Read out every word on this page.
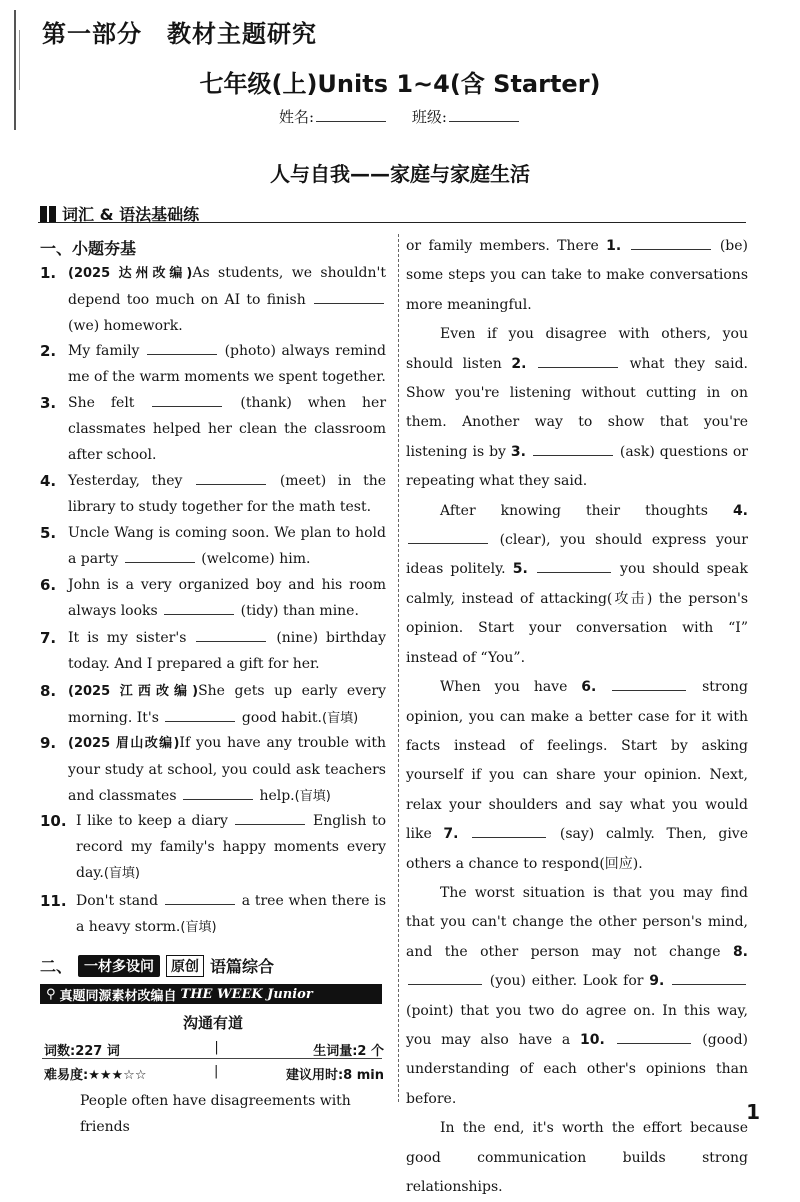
第一部分　教材主题研究
七年级(上)Units 1~4(含 Starter)
姓名:	班级:
人与自我——家庭与家庭生活
词汇 & 语法基础练
一、小题夯基
1. (2025 达州改编)As students, we shouldn't depend too much on AI to finish  (we) homework.
2. My family	(photo) always remind me of the warm moments we spent together.
3. She felt	(thank) when her classmates helped her clean the classroom after school.
4. Yesterday, they	(meet) in the library to study together for the math test.
5. Uncle Wang is coming soon. We plan to hold a party	(welcome) him.
6. John is a very organized boy and his room always looks	(tidy) than mine.
7. It is my sister's	(nine) birthday today. And I prepared a gift for her.
8. (2025 江西改编)She gets up early every morning. It's	good habit.(盲填)
9. (2025 眉山改编)If you have any trouble with your study at school, you could ask teachers and classmates	help.(盲填)
10. I like to keep a diary	English to record my family's happy moments every day.(盲填)
11. Don't stand	a tree when there is a heavy storm.(盲填)
二、 一材多设问	原创 语篇综合
⚲ 真题同源素材改编自 THE WEEK Junior
沟通有道
词数:227 词	|	生词量:2 个
难易度:★★★☆☆	|	建议用时:8 min
People often have disagreements with friends

or family members. There 1.	(be) some steps you can take to make conversations more meaningful.

Even if you disagree with others, you should listen 2.	what they said. Show you're listening without cutting in on them. Another way to show that you're listening is by 3.	(ask) questions or repeating what they said.

After knowing their thoughts 4.  (clear), you should express your ideas politely. 5.	you should speak calmly, instead of attacking(攻击) the person's opinion. Start your conversation with “I” instead of “You”.

When you have 6.	strong opinion, you can make a better case for it with facts instead of feelings. Start by asking yourself if you can share your opinion. Next, relax your shoulders and say what you would like 7.	(say) calmly. Then, give others a chance to respond(回应).

The worst situation is that you may find that you can't change the other person's mind, and the other person may not change 8.  (you) either. Look for 9.  (point) that you two do agree on. In this way, you may also have a 10.	(good) understanding of each other's opinions than before.

In the end, it's worth the effort because good communication builds strong relationships.

1
